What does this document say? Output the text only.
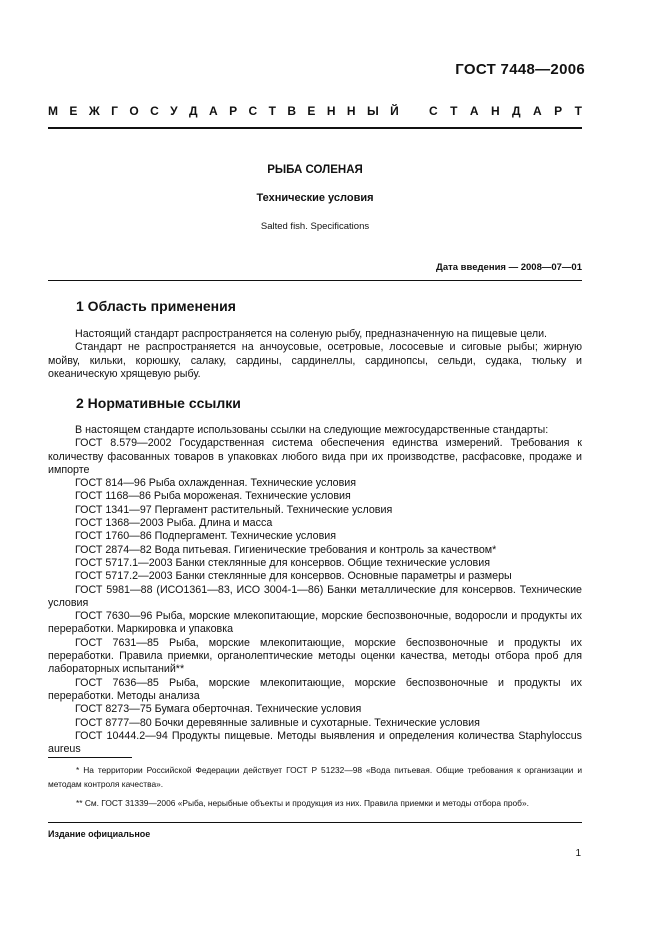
ГОСТ 7448—2006
М Е Ж Г О С У Д А Р С Т В Е Н Н Ы Й	С Т А Н Д А Р Т
РЫБА СОЛЕНАЯ
Технические условия
Salted fish. Specifications
Дата введения — 2008—07—01
1 Область применения

Настоящий стандарт распространяется на соленую рыбу, предназначенную на пищевые цели.

Стандарт не распространяется на анчоусовые, осетровые, лососевые и сиговые рыбы; жирную мойву, кильки, корюшку, салаку, сардины, сардинеллы, сардинопсы, сельди, судака, тюльку и океаническую хрящевую рыбу.

2 Нормативные ссылки

В настоящем стандарте использованы ссылки на следующие межгосударственные стандарты:

ГОСТ 8.579—2002 Государственная система обеспечения единства измерений. Требования к количеству фасованных товаров в упаковках любого вида при их производстве, расфасовке, продаже и импорте

ГОСТ 814—96 Рыба охлажденная. Технические условия

ГОСТ 1168—86 Рыба мороженая. Технические условия

ГОСТ 1341—97 Пергамент растительный. Технические условия

ГОСТ 1368—2003 Рыба. Длина и масса

ГОСТ 1760—86 Подпергамент. Технические условия

ГОСТ 2874—82 Вода питьевая. Гигиенические требования и контроль за качеством*

ГОСТ 5717.1—2003 Банки стеклянные для консервов. Общие технические условия

ГОСТ 5717.2—2003 Банки стеклянные для консервов. Основные параметры и размеры

ГОСТ 5981—88 (ИСО1361—83, ИСО 3004-1—86) Банки металлические для консервов. Технические условия

ГОСТ 7630—96 Рыба, морские млекопитающие, морские беспозвоночные, водоросли и продукты их переработки. Маркировка и упаковка

ГОСТ 7631—85 Рыба, морские млекопитающие, морские беспозвоночные и продукты их переработки. Правила приемки, органолептические методы оценки качества, методы отбора проб для лабораторных испытаний**

ГОСТ 7636—85 Рыба, морские млекопитающие, морские беспозвоночные и продукты их переработки. Методы анализа

ГОСТ 8273—75 Бумага оберточная. Технические условия

ГОСТ 8777—80 Бочки деревянные заливные и сухотарные. Технические условия

ГОСТ 10444.2—94 Продукты пищевые. Методы выявления и определения количества Staphyloccus aureus

* На территории Российской Федерации действует ГОСТ Р 51232—98 «Вода питьевая. Общие требования к организации и методам контроля качества».

** См. ГОСТ 31339—2006 «Рыба, нерыбные объекты и продукция из них. Правила приемки и методы отбора проб».

Издание официальное
1
